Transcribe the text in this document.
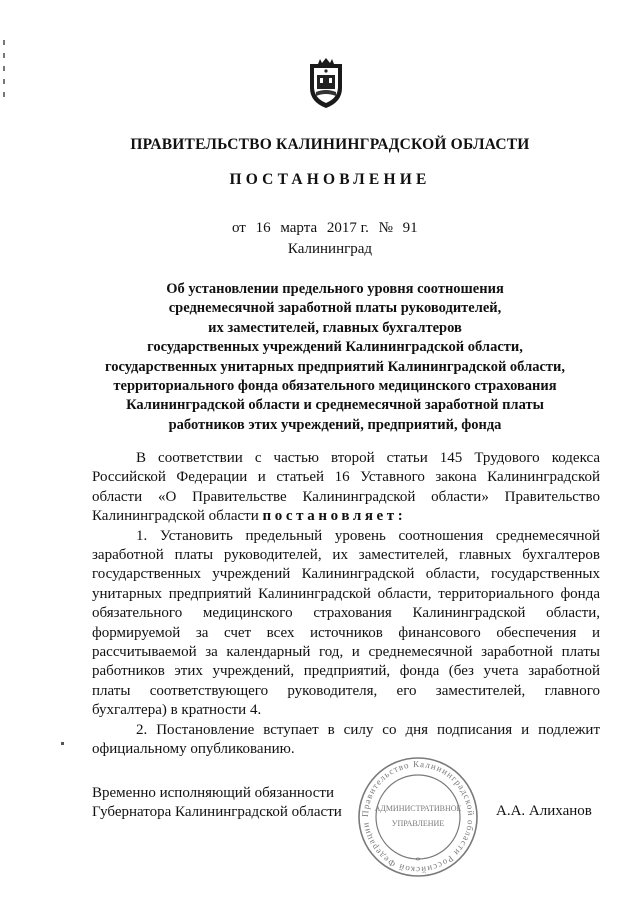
ПРАВИТЕЛЬСТВО КАЛИНИНГРАДСКОЙ ОБЛАСТИ
ПОСТАНОВЛЕНИЕ
от 16 марта 2017 г. № 91
Калининград
Об установлении предельного уровня соотношения
среднемесячной заработной платы руководителей,
их заместителей, главных бухгалтеров
государственных учреждений Калининградской области,
государственных унитарных предприятий Калининградской области,
территориального фонда обязательного медицинского страхования
Калининградской области и среднемесячной заработной платы
работников этих учреждений, предприятий, фонда

В соответствии с частью второй статьи 145 Трудового кодекса Российской Федерации и статьей 16 Уставного закона Калининградской области «О Правительстве Калининградской области» Правительство Калининградской области постановляет:

1. Установить предельный уровень соотношения среднемесячной заработной платы руководителей, их заместителей, главных бухгалтеров государственных учреждений Калининградской области, государственных унитарных предприятий Калининградской области, территориального фонда обязательного медицинского страхования Калининградской области, формируемой за счет всех источников финансового обеспечения и рассчитываемой за календарный год, и среднемесячной заработной платы работников этих учреждений, предприятий, фонда (без учета заработной платы соответствующего руководителя, его заместителей, главного бухгалтера) в кратности 4.

2. Постановление вступает в силу со дня подписания и подлежит официальному опубликованию.

Временно исполняющий обязанности
Губернатора Калининградской области Правительство Калининградской области Российской Федерации
АДМИНИСТРАТИВНОЕ
УПРАВЛЕНИЕ
*
А.А. Алиханов
